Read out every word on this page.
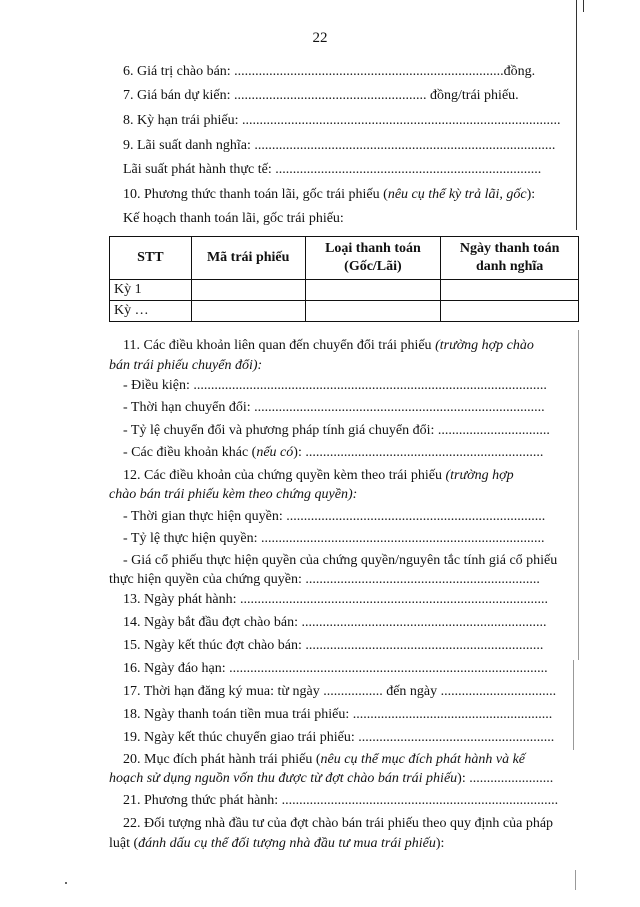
22
6. Giá trị chào bán: .............................................................................đồng.
7. Giá bán dự kiến: ....................................................... đồng/trái phiếu.
8. Kỳ hạn trái phiếu: ...........................................................................................
9. Lãi suất danh nghĩa: ......................................................................................
Lãi suất phát hành thực tế: ............................................................................
10. Phương thức thanh toán lãi, gốc trái phiếu (nêu cụ thể kỳ trả lãi, gốc):
Kế hoạch thanh toán lãi, gốc trái phiếu:
STT	Mã trái phiếu	Loại thanh toán (Gốc/Lãi)	Ngày thanh toán danh nghĩa
Kỳ 1			
Kỳ …			
11. Các điều khoản liên quan đến chuyển đổi trái phiếu (trường hợp chào
bán trái phiếu chuyển đổi):
- Điều kiện: .....................................................................................................
- Thời hạn chuyển đổi: ...................................................................................
- Tỷ lệ chuyển đổi và phương pháp tính giá chuyển đổi: ................................
- Các điều khoản khác (nếu có): ....................................................................
12. Các điều khoản của chứng quyền kèm theo trái phiếu (trường hợp
chào bán trái phiếu kèm theo chứng quyền):
- Thời gian thực hiện quyền: ..........................................................................
- Tỷ lệ thực hiện quyền: .................................................................................
- Giá cổ phiếu thực hiện quyền của chứng quyền/nguyên tắc tính giá cổ phiếu
thực hiện quyền của chứng quyền: ...................................................................
13. Ngày phát hành: ........................................................................................
14. Ngày bắt đầu đợt chào bán: ......................................................................
15. Ngày kết thúc đợt chào bán: ....................................................................
16. Ngày đáo hạn: ...........................................................................................
17. Thời hạn đăng ký mua: từ ngày ................. đến ngày .................................
18. Ngày thanh toán tiền mua trái phiếu: .........................................................
19. Ngày kết thúc chuyển giao trái phiếu: ........................................................
20. Mục đích phát hành trái phiếu (nêu cụ thể mục đích phát hành và kế
hoạch sử dụng nguồn vốn thu được từ đợt chào bán trái phiếu): ........................
21. Phương thức phát hành: ...............................................................................
22. Đối tượng nhà đầu tư của đợt chào bán trái phiếu theo quy định của pháp
luật (đánh dấu cụ thể đối tượng nhà đầu tư mua trái phiếu):
